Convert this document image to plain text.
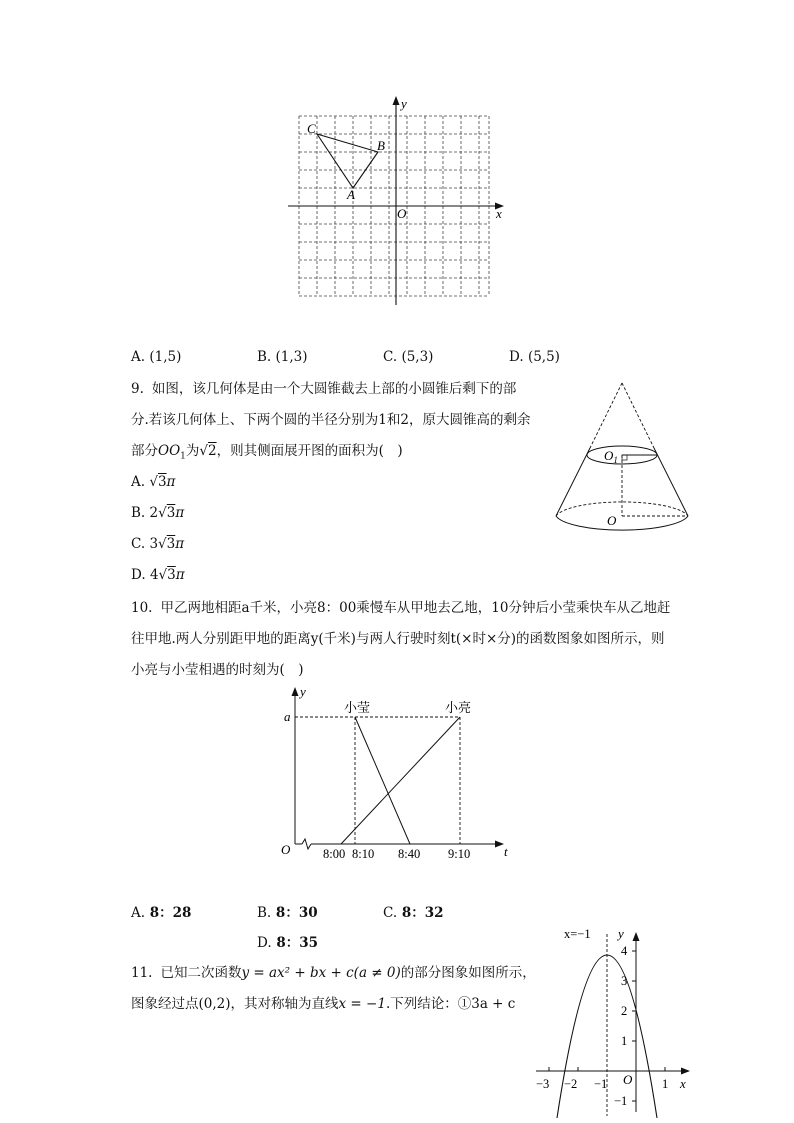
y
x
O
C
B
A
A. (1,5)	B. (1,3)	C. (5,3)	D. (5,5)
9. 如图，该几何体是由一个大圆锥截去上部的小圆锥后剩下的部
分.若该几何体上、下两个圆的半径分别为1和2，原大圆锥高的剩余
部分$OO_1$为√2，则其侧面展开图的面积为(　)
A. √3π
B. 2√3π
C. 3√3π
D. 4√3π
$O_1$
O
10. 甲乙两地相距a千米，小亮8：00乘慢车从甲地去乙地，10分钟后小莹乘快车从乙地赶
往甲地.两人分别距甲地的距离y(千米)与两人行驶时刻t(×时×分)的函数图象如图所示，则
小亮与小莹相遇的时刻为(　)
y
t
O
a
小莹	小亮
8:00 8:10 8:40 9:10
A. 8：28	B. 8：30	C. 8：32
D. 8：35
11. 已知二次函数y = ax² + bx + c(a ≠ 0)的部分图象如图所示，
图象经过点(0,2)，其对称轴为直线x = −1.下列结论：①3a + c
x=−1 y
x
O
4
3
2
1
−1
−3 −2 −1	1
